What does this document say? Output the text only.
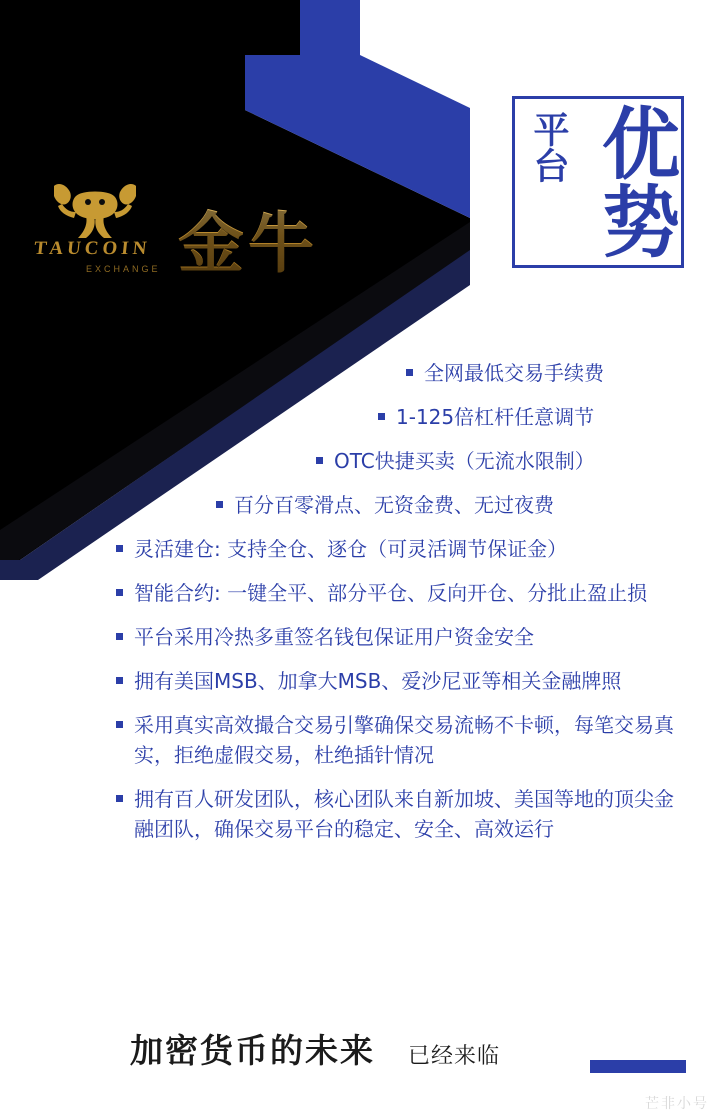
TAUCOIN
EXCHANGE 金牛
平台 优势
全网最低交易手续费
1-125倍杠杆任意调节
OTC快捷买卖（无流水限制）
百分百零滑点、无资金费、无过夜费
灵活建仓: 支持全仓、逐仓（可灵活调节保证金）
智能合约: 一键全平、部分平仓、反向开仓、分批止盈止损
平台采用冷热多重签名钱包保证用户资金安全
拥有美国MSB、加拿大MSB、爱沙尼亚等相关金融牌照
采用真实高效撮合交易引擎确保交易流畅不卡顿，每笔交易真实，拒绝虚假交易，杜绝插针情况
拥有百人研发团队，核心团队来自新加坡、美国等地的顶尖金融团队，确保交易平台的稳定、安全、高效运行
加密货币的未来 已经来临
芒非小号
